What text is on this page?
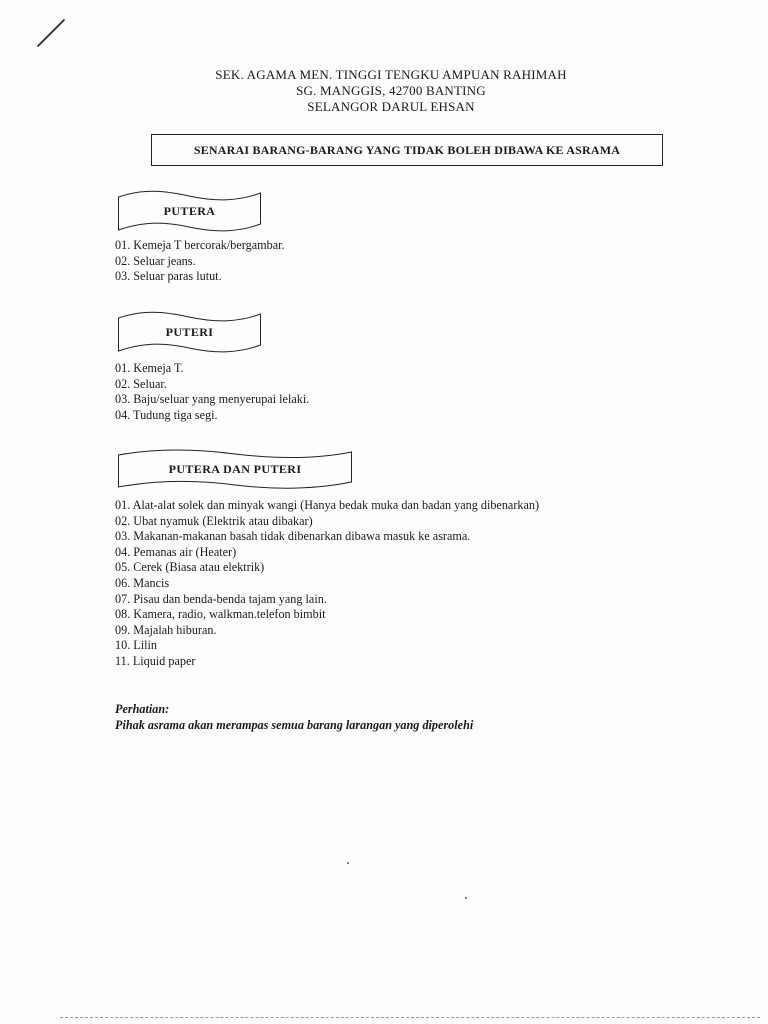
SEK. AGAMA MEN. TINGGI TENGKU AMPUAN RAHIMAH
SG. MANGGIS, 42700 BANTING
SELANGOR DARUL EHSAN
SENARAI BARANG-BARANG YANG TIDAK BOLEH DIBAWA KE ASRAMA
PUTERA
01. Kemeja T bercorak/bergambar.
02. Seluar jeans.
03. Seluar paras lutut.
PUTERI
01. Kemeja T.
02. Seluar.
03. Baju/seluar yang menyerupai lelaki.
04. Tudung tiga segi.
PUTERA DAN PUTERI
01. Alat-alat solek dan minyak wangi (Hanya bedak muka dan badan yang dibenarkan)
02. Ubat nyamuk (Elektrik atau dibakar)
03. Makanan-makanan basah tidak dibenarkan dibawa masuk ke asrama.
04. Pemanas air (Heater)
05. Cerek (Biasa atau elektrik)
06. Mancis
07. Pisau dan benda-benda tajam yang lain.
08. Kamera, radio, walkman.telefon bimbit
09. Majalah hiburan.
10. Lilin
11. Liquid paper
Perhatian:
Pihak asrama akan merampas semua barang larangan yang diperolehi
